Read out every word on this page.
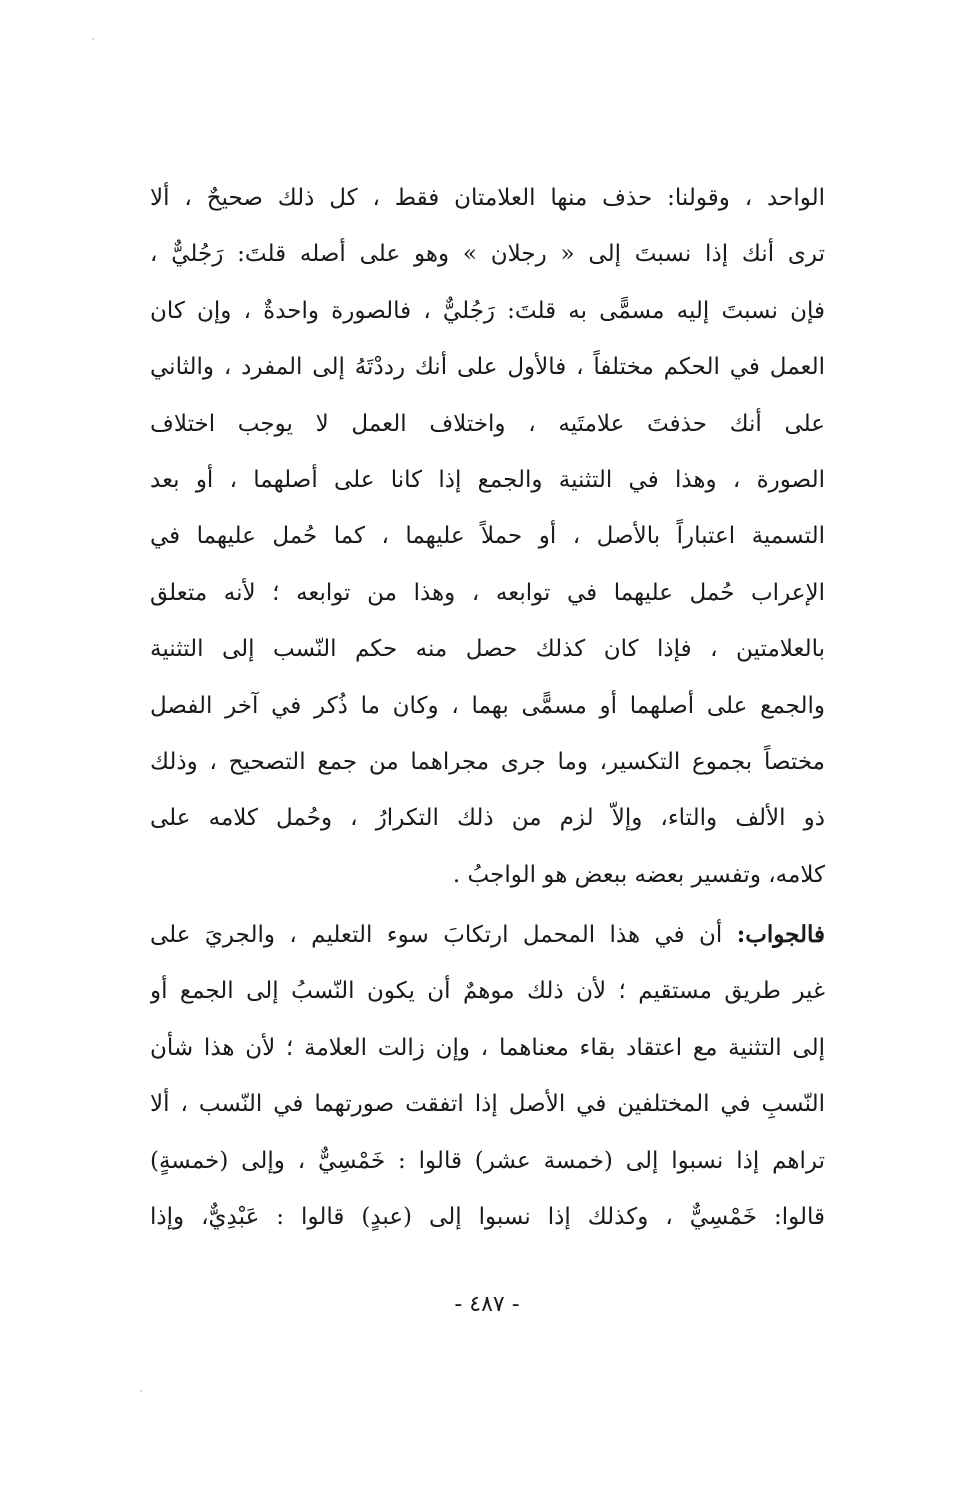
الواحد ، وقولنا: حذف منها العلامتان فقط ، كل ذلك صحيحٌ ، ألا
ترى أنك إذا نسبتَ إلى « رجلان » وهو على أصله قلتَ: رَجُليٌّ ،
فإن نسبتَ إليه مسمًّى به قلتَ: رَجُليٌّ ، فالصورة واحدةٌ ، وإن كان
العمل في الحكم مختلفاً ، فالأول على أنك رددْتَهُ إلى المفرد ، والثاني
على أنك حذفتَ علامتَيه ، واختلاف العمل لا يوجب اختلاف
الصورة ، وهذا في التثنية والجمع إذا كانا على أصلهما ، أو بعد
التسمية اعتباراً بالأصل ، أو حملاً عليهما ، كما حُمل عليهما في
الإعراب حُمل عليهما في توابعه ، وهذا من توابعه ؛ لأنه متعلق
بالعلامتين ، فإذا كان كذلك حصل منه حكم النّسب إلى التثنية
والجمع على أصلهما أو مسمًّى بهما ، وكان ما ذُكر في آخر الفصل
مختصاً بجموع التكسير، وما جرى مجراهما من جمع التصحيح ، وذلك
ذو الألف والتاء، وإلاّ لزم من ذلك التكرارُ ، وحُمل كلامه على
كلامه، وتفسير بعضه ببعض هو الواجبُ .
فالجواب: أن في هذا المحمل ارتكابَ سوء التعليم ، والجريَ على
غير طريق مستقيم ؛ لأن ذلك موهمٌ أن يكون النّسبُ إلى الجمع أو
إلى التثنية مع اعتقاد بقاء معناهما ، وإن زالت العلامة ؛ لأن هذا شأن
النّسبِ في المختلفين في الأصل إذا اتفقت صورتهما في النّسب ، ألا
تراهم إذا نسبوا إلى (خمسة عشر) قالوا : خَمْسِيٌّ ، وإلى (خمسةٍ)
قالوا: خَمْسِيٌّ ، وكذلك إذا نسبوا إلى (عبدٍ) قالوا : عَبْدِيٌّ، وإذا
- ٤٨٧ -
